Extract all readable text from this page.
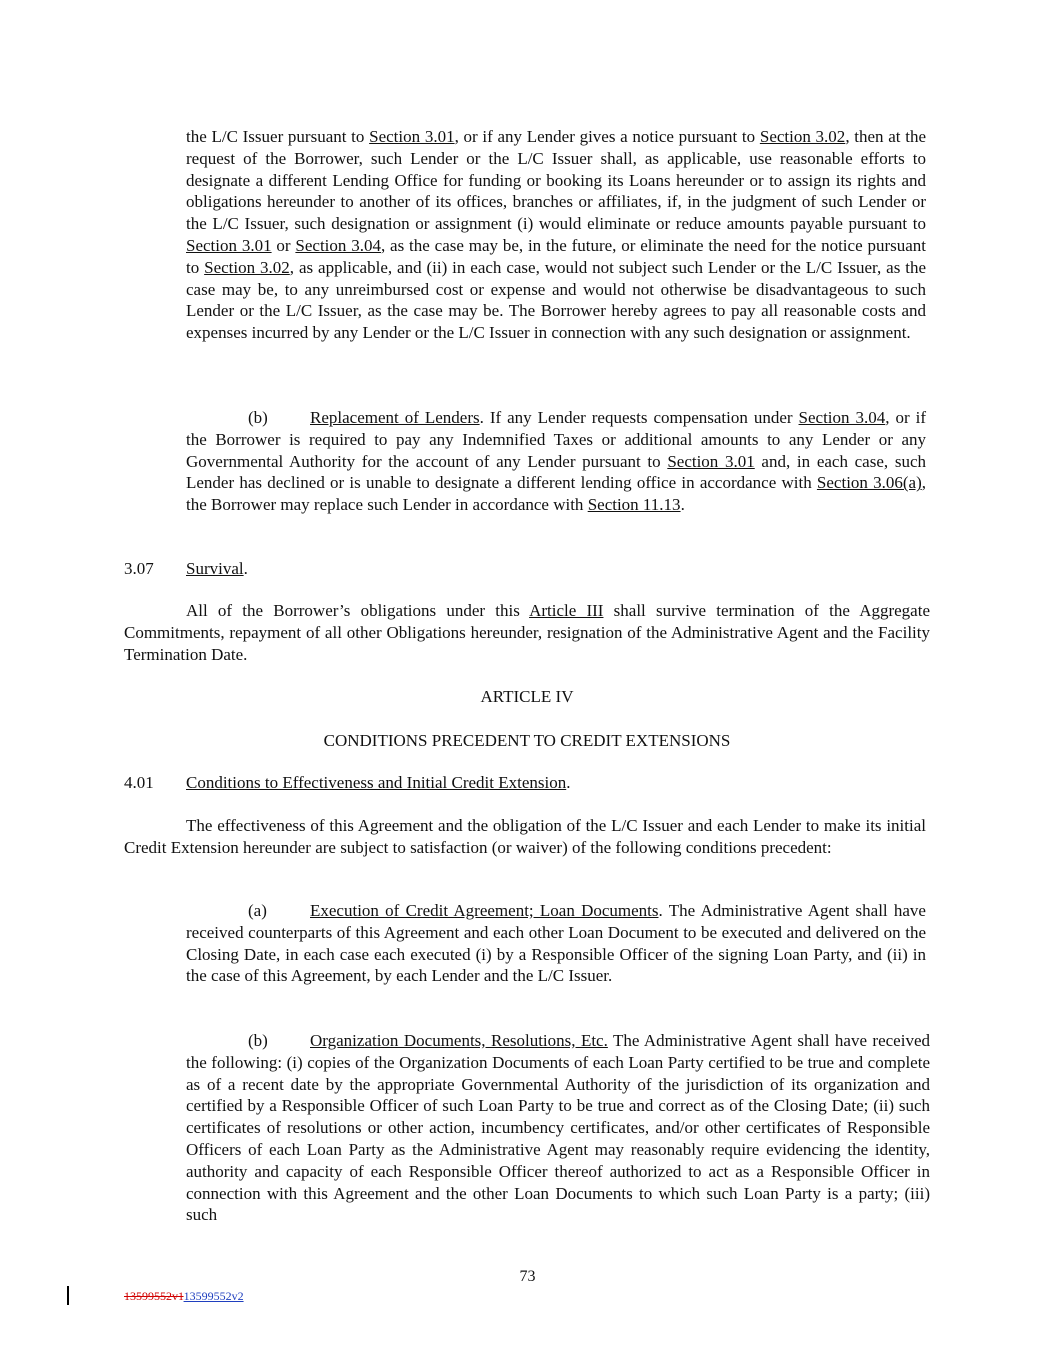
the L/C Issuer pursuant to Section 3.01, or if any Lender gives a notice pursuant to Section 3.02, then at the request of the Borrower, such Lender or the L/C Issuer shall, as applicable, use reasonable efforts to designate a different Lending Office for funding or booking its Loans hereunder or to assign its rights and obligations hereunder to another of its offices, branches or affiliates, if, in the judgment of such Lender or the L/C Issuer, such designation or assignment (i) would eliminate or reduce amounts payable pursuant to Section 3.01 or Section 3.04, as the case may be, in the future, or eliminate the need for the notice pursuant to Section 3.02, as applicable, and (ii) in each case, would not subject such Lender or the L/C Issuer, as the case may be, to any unreimbursed cost or expense and would not otherwise be disadvantageous to such Lender or the L/C Issuer, as the case may be. The Borrower hereby agrees to pay all reasonable costs and expenses incurred by any Lender or the L/C Issuer in connection with any such designation or assignment.

(b) Replacement of Lenders. If any Lender requests compensation under Section 3.04, or if the Borrower is required to pay any Indemnified Taxes or additional amounts to any Lender or any Governmental Authority for the account of any Lender pursuant to Section 3.01 and, in each case, such Lender has declined or is unable to designate a different lending office in accordance with Section 3.06(a), the Borrower may replace such Lender in accordance with Section 11.13.

3.07 Survival.

All of the Borrower’s obligations under this Article III shall survive termination of the Aggregate Commitments, repayment of all other Obligations hereunder, resignation of the Administrative Agent and the Facility Termination Date.

ARTICLE IV
CONDITIONS PRECEDENT TO CREDIT EXTENSIONS
4.01 Conditions to Effectiveness and Initial Credit Extension.

The effectiveness of this Agreement and the obligation of the L/C Issuer and each Lender to make its initial Credit Extension hereunder are subject to satisfaction (or waiver) of the following conditions precedent:

(a)	Execution of Credit Agreement; Loan Documents. The Administrative Agent shall have received counterparts of this Agreement and each other Loan Document to be executed and delivered on the Closing Date, in each case each executed (i) by a Responsible Officer of the signing Loan Party, and (ii) in the case of this Agreement, by each Lender and the L/C Issuer.

(b) Organization Documents, Resolutions, Etc. The Administrative Agent shall have received the following: (i) copies of the Organization Documents of each Loan Party certified to be true and complete as of a recent date by the appropriate Governmental Authority of the jurisdiction of its organization and certified by a Responsible Officer of such Loan Party to be true and correct as of the Closing Date; (ii) such certificates of resolutions or other action, incumbency certificates, and/or other certificates of Responsible Officers of each Loan Party as the Administrative Agent may reasonably require evidencing the identity, authority and capacity of each Responsible Officer thereof authorized to act as a Responsible Officer in connection with this Agreement and the other Loan Documents to which such Loan Party is a party; (iii) such

73
13599552v113599552v2
